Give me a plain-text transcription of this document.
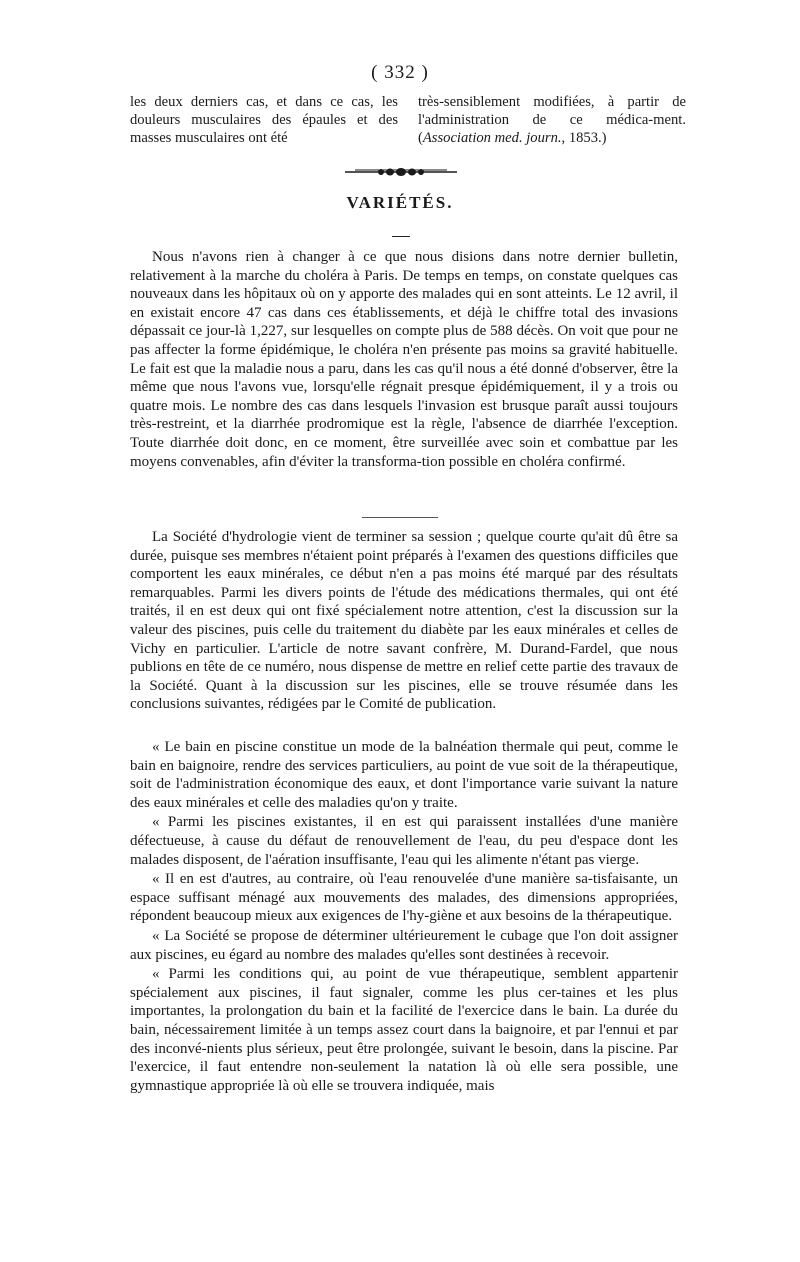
( 332 )

les deux derniers cas, et dans ce cas, les douleurs musculaires des épaules et des masses musculaires ont été

très-sensiblement modifiées, à partir de l'administration de ce médica-ment. (Association med. journ., 1853.)

VARIÉTÉS.

Nous n'avons rien à changer à ce que nous disions dans notre dernier bulletin, relativement à la marche du choléra à Paris. De temps en temps, on constate quelques cas nouveaux dans les hôpitaux où on y apporte des malades qui en sont atteints. Le 12 avril, il en existait encore 47 cas dans ces établissements, et déjà le chiffre total des invasions dépassait ce jour-là 1,227, sur lesquelles on compte plus de 588 décès. On voit que pour ne pas affecter la forme épidémique, le choléra n'en présente pas moins sa gravité habituelle. Le fait est que la maladie nous a paru, dans les cas qu'il nous a été donné d'observer, être la même que nous l'avons vue, lorsqu'elle régnait presque épidémiquement, il y a trois ou quatre mois. Le nombre des cas dans lesquels l'invasion est brusque paraît aussi toujours très-restreint, et la diarrhée prodromique est la règle, l'absence de diarrhée l'exception. Toute diarrhée doit donc, en ce moment, être surveillée avec soin et combattue par les moyens convenables, afin d'éviter la transforma-tion possible en choléra confirmé.

La Société d'hydrologie vient de terminer sa session ; quelque courte qu'ait dû être sa durée, puisque ses membres n'étaient point préparés à l'examen des questions difficiles que comportent les eaux minérales, ce début n'en a pas moins été marqué par des résultats remarquables. Parmi les divers points de l'étude des médications thermales, qui ont été traités, il en est deux qui ont fixé spécialement notre attention, c'est la discussion sur la valeur des piscines, puis celle du traitement du diabète par les eaux minérales et celles de Vichy en particulier. L'article de notre savant confrère, M. Durand-Fardel, que nous publions en tête de ce numéro, nous dispense de mettre en relief cette partie des travaux de la Société. Quant à la discussion sur les piscines, elle se trouve résumée dans les conclusions suivantes, rédigées par le Comité de publication.

« Le bain en piscine constitue un mode de la balnéation thermale qui peut, comme le bain en baignoire, rendre des services particuliers, au point de vue soit de la thérapeutique, soit de l'administration économique des eaux, et dont l'importance varie suivant la nature des eaux minérales et celle des maladies qu'on y traite.

« Parmi les piscines existantes, il en est qui paraissent installées d'une manière défectueuse, à cause du défaut de renouvellement de l'eau, du peu d'espace dont les malades disposent, de l'aération insuffisante, l'eau qui les alimente n'étant pas vierge.

« Il en est d'autres, au contraire, où l'eau renouvelée d'une manière sa-tisfaisante, un espace suffisant ménagé aux mouvements des malades, des dimensions appropriées, répondent beaucoup mieux aux exigences de l'hy-giène et aux besoins de la thérapeutique.

« La Société se propose de déterminer ultérieurement le cubage que l'on doit assigner aux piscines, eu égard au nombre des malades qu'elles sont destinées à recevoir.

« Parmi les conditions qui, au point de vue thérapeutique, semblent appartenir spécialement aux piscines, il faut signaler, comme les plus cer-taines et les plus importantes, la prolongation du bain et la facilité de l'exercice dans le bain. La durée du bain, nécessairement limitée à un temps assez court dans la baignoire, et par l'ennui et par des inconvé-nients plus sérieux, peut être prolongée, suivant le besoin, dans la piscine. Par l'exercice, il faut entendre non-seulement la natation là où elle sera possible, une gymnastique appropriée là où elle se trouvera indiquée, mais
